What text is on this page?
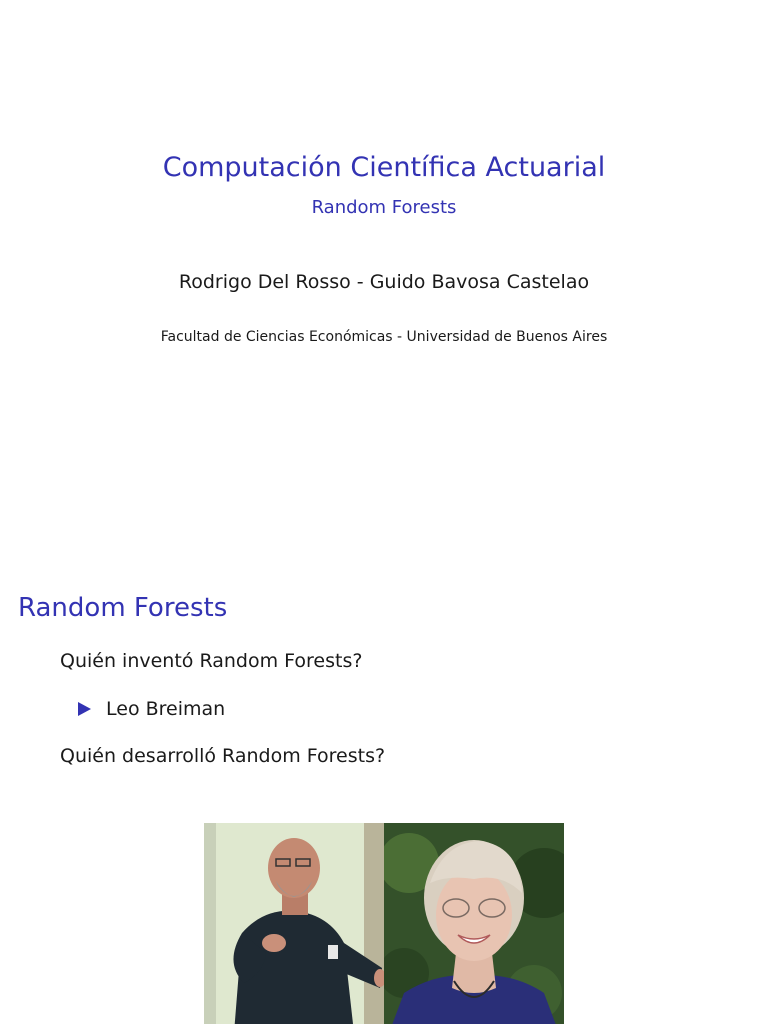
Computación Científica Actuarial
Random Forests
Rodrigo Del Rosso - Guido Bavosa Castelao
Facultad de Ciencias Económicas - Universidad de Buenos Aires
Random Forests
Quién inventó Random Forests?
Leo Breiman
Quién desarrolló Random Forests?
